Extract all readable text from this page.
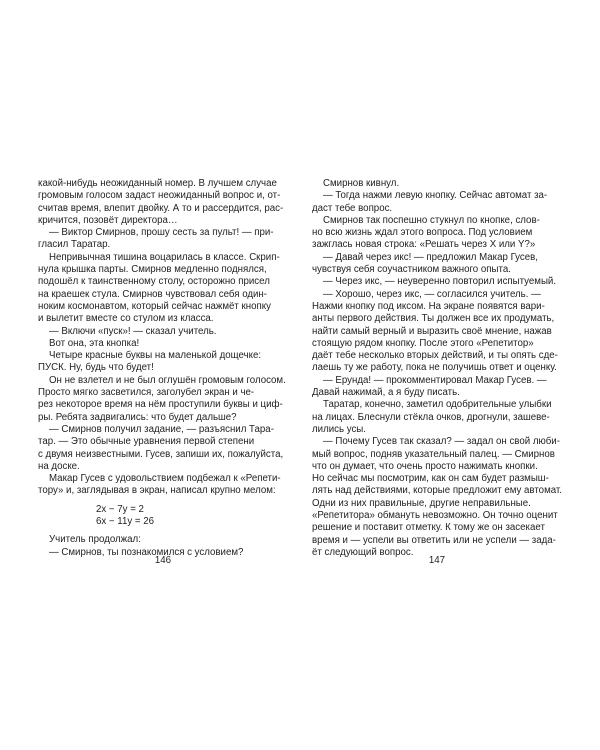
какой-нибудь неожиданный номер. В лучшем случае
громовым голосом задаст неожиданный вопрос и, от-
считав время, влепит двойку. А то и рассердится, рас-
кричится, позовёт директора…
— Виктор Смирнов, прошу сесть за пульт! — при-
гласил Таратар.
Непривычная тишина воцарилась в классе. Скрип-
нула крышка парты. Смирнов медленно поднялся,
подошёл к таинственному столу, осторожно присел
на краешек стула. Смирнов чувствовал себя один-
ноким космонавтом, который сейчас нажмёт кнопку
и вылетит вместе со стулом из класса.
— Включи «пуск»! — сказал учитель.
Вот она, эта кнопка!
Четыре красные буквы на маленькой дощечке:
ПУСК. Ну, будь что будет!
Он не взлетел и не был оглушён громовым голосом.
Просто мягко засветился, заголубел экран и че-
рез некоторое время на нём проступили буквы и циф-
ры. Ребята задвигались: что будет дальше?
— Смирнов получил задание, — разъяснил Тара-
тар. — Это обычные уравнения первой степени
с двумя неизвестными. Гусев, запиши их, пожалуйста,
на доске.
Макар Гусев с удовольствием подбежал к «Репети-
тору» и, заглядывая в экран, написал крупно мелом:
2x − 7y = 2
6x − 11y = 26
Учитель продолжал:
— Смирнов, ты познакомился с условием?
146
Смирнов кивнул.
— Тогда нажми левую кнопку. Сейчас автомат за-
даст тебе вопрос.
Смирнов так поспешно стукнул по кнопке, слов-
но всю жизнь ждал этого вопроса. Под условием
зажглась новая строка: «Решать через X или Y?»
— Давай через икс! — предложил Макар Гусев,
чувствуя себя соучастником важного опыта.
— Через икс, — неуверенно повторил испытуемый.
— Хорошо, через икс, — согласился учитель. —
Нажми кнопку под иксом. На экране появятся вари-
анты первого действия. Ты должен все их продумать,
найти самый верный и выразить своё мнение, нажав
стоящую рядом кнопку. После этого «Репетитор»
даёт тебе несколько вторых действий, и ты опять сде-
лаешь ту же работу, пока не получишь ответ и оценку.
— Ерунда! — прокомментировал Макар Гусев. —
Давай нажимай, а я буду писать.
Таратар, конечно, заметил одобрительные улыбки
на лицах. Блеснули стёкла очков, дрогнули, зашеве-
лились усы.
— Почему Гусев так сказал? — задал он свой люби-
мый вопрос, подняв указательный палец. — Смирнов
что он думает, что очень просто нажимать кнопки.
Но сейчас мы посмотрим, как он сам будет размыш-
лять над действиями, которые предложит ему автомат.
Одни из них правильные, другие неправильные.
«Репетитора» обмануть невозможно. Он точно оценит
решение и поставит отметку. К тому же он засекает
время и — успели вы ответить или не успели — зада-
ёт следующий вопрос.
147
